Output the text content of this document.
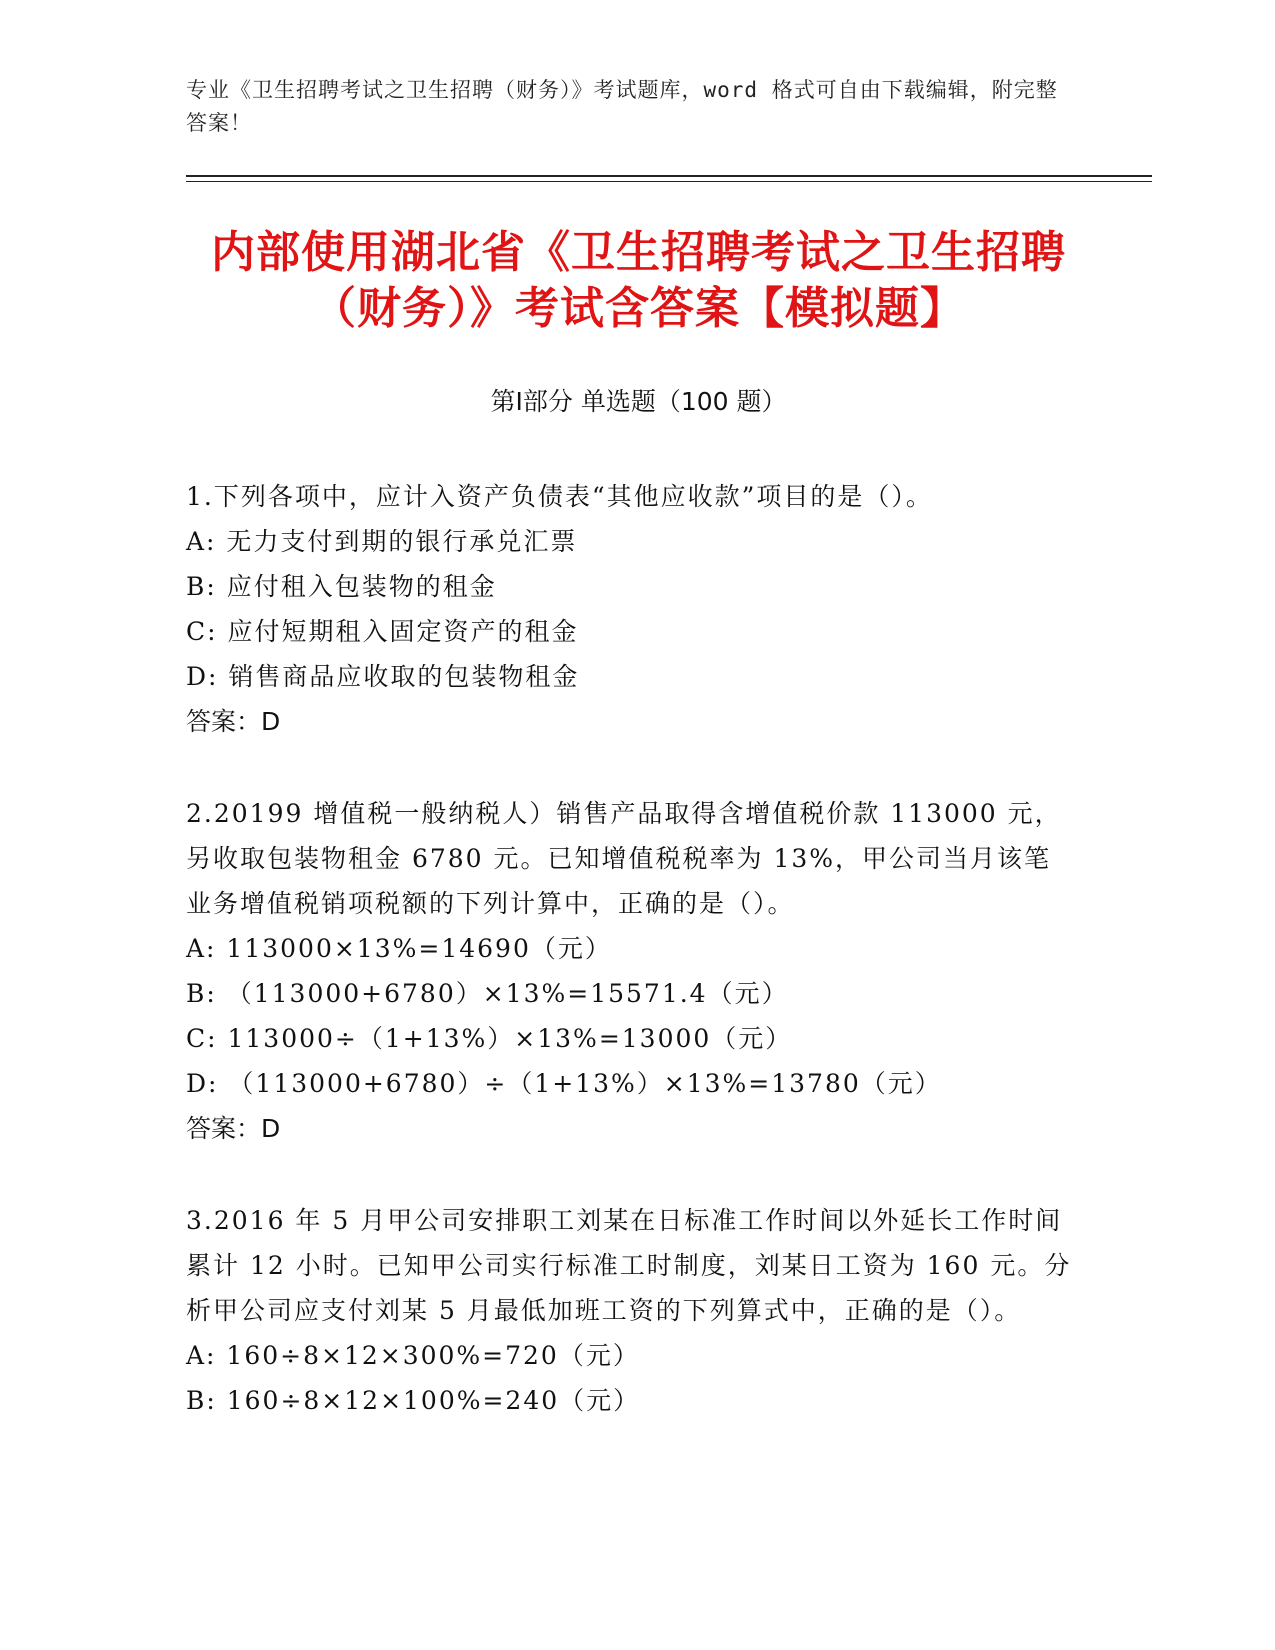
专业《卫生招聘考试之卫生招聘（财务）》考试题库，word 格式可自由下载编辑，附完整答案！
内部使用湖北省《卫生招聘考试之卫生招聘（财务）》考试含答案【模拟题】
第Ⅰ部分 单选题（100 题）

1.下列各项中，应计入资产负债表“其他应收款”项目的是（）。

A: 无力支付到期的银行承兑汇票

B: 应付租入包装物的租金

C: 应付短期租入固定资产的租金

D: 销售商品应收取的包装物租金

答案：D

2.20199 增值税一般纳税人）销售产品取得含增值税价款 113000 元，另收取包装物租金 6780 元。已知增值税税率为 13%，甲公司当月该笔业务增值税销项税额的下列计算中，正确的是（）。

A: 113000×13%=14690（元）

B: （113000+6780）×13%=15571.4（元）

C: 113000÷（1+13%）×13%=13000（元）

D: （113000+6780）÷（1+13%）×13%=13780（元）

答案：D

3.2016 年 5 月甲公司安排职工刘某在日标准工作时间以外延长工作时间累计 12 小时。已知甲公司实行标准工时制度，刘某日工资为 160 元。分析甲公司应支付刘某 5 月最低加班工资的下列算式中，正确的是（）。

A: 160÷8×12×300%=720（元）

B: 160÷8×12×100%=240（元）
